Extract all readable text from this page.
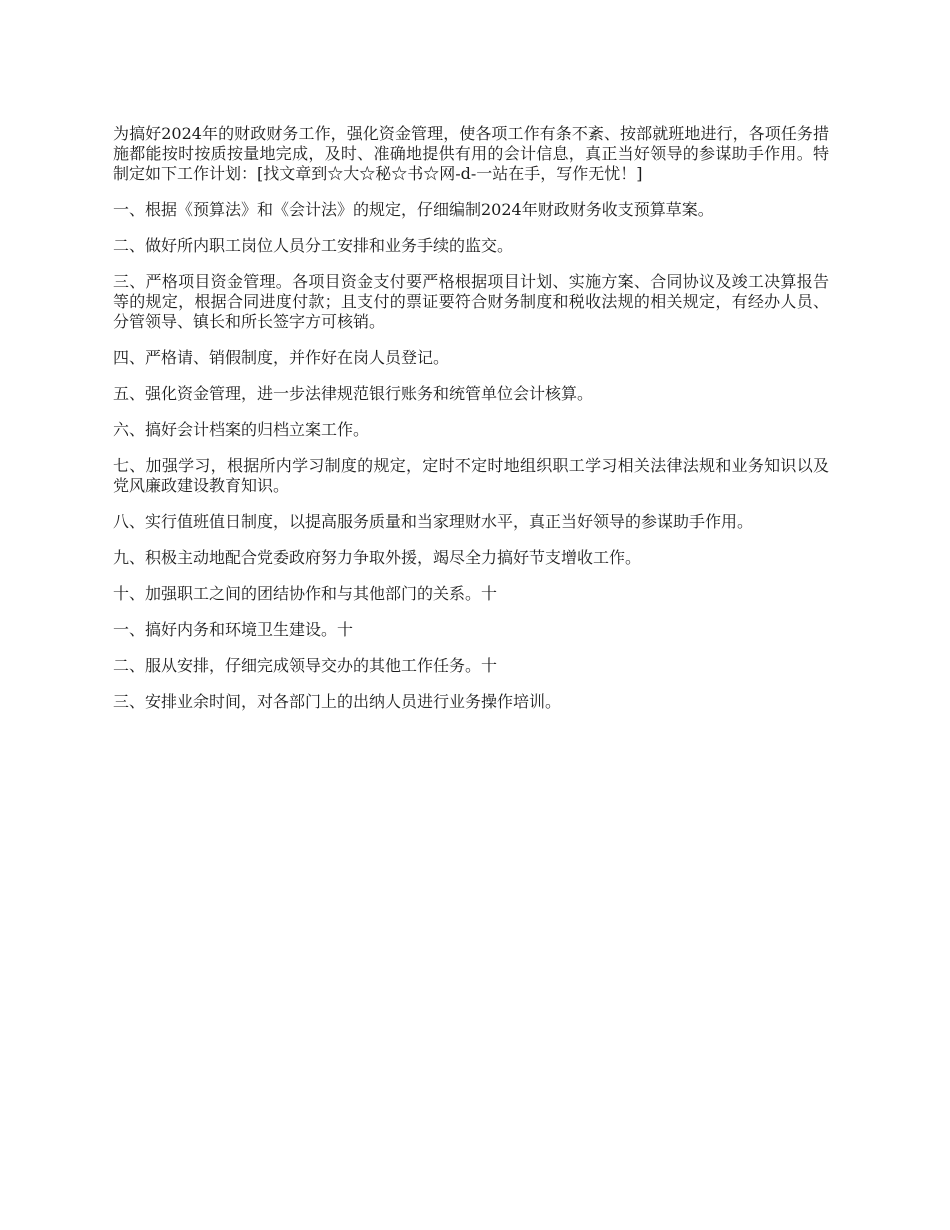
为搞好2024年的财政财务工作，强化资金管理，使各项工作有条不紊、按部就班地进行，各项任务措施都能按时按质按量地完成，及时、准确地提供有用的会计信息，真正当好领导的参谋助手作用。特制定如下工作计划：[找文章到☆大☆秘☆书☆网-d-一站在手，写作无忧！]

一、根据《预算法》和《会计法》的规定，仔细编制2024年财政财务收支预算草案。

二、做好所内职工岗位人员分工安排和业务手续的监交。

三、严格项目资金管理。各项目资金支付要严格根据项目计划、实施方案、合同协议及竣工决算报告等的规定，根据合同进度付款；且支付的票证要符合财务制度和税收法规的相关规定，有经办人员、分管领导、镇长和所长签字方可核销。

四、严格请、销假制度，并作好在岗人员登记。

五、强化资金管理，进一步法律规范银行账务和统管单位会计核算。

六、搞好会计档案的归档立案工作。

七、加强学习，根据所内学习制度的规定，定时不定时地组织职工学习相关法律法规和业务知识以及党风廉政建设教育知识。

八、实行值班值日制度，以提高服务质量和当家理财水平，真正当好领导的参谋助手作用。

九、积极主动地配合党委政府努力争取外援，竭尽全力搞好节支增收工作。

十、加强职工之间的团结协作和与其他部门的关系。十

一、搞好内务和环境卫生建设。十

二、服从安排，仔细完成领导交办的其他工作任务。十

三、安排业余时间，对各部门上的出纳人员进行业务操作培训。
